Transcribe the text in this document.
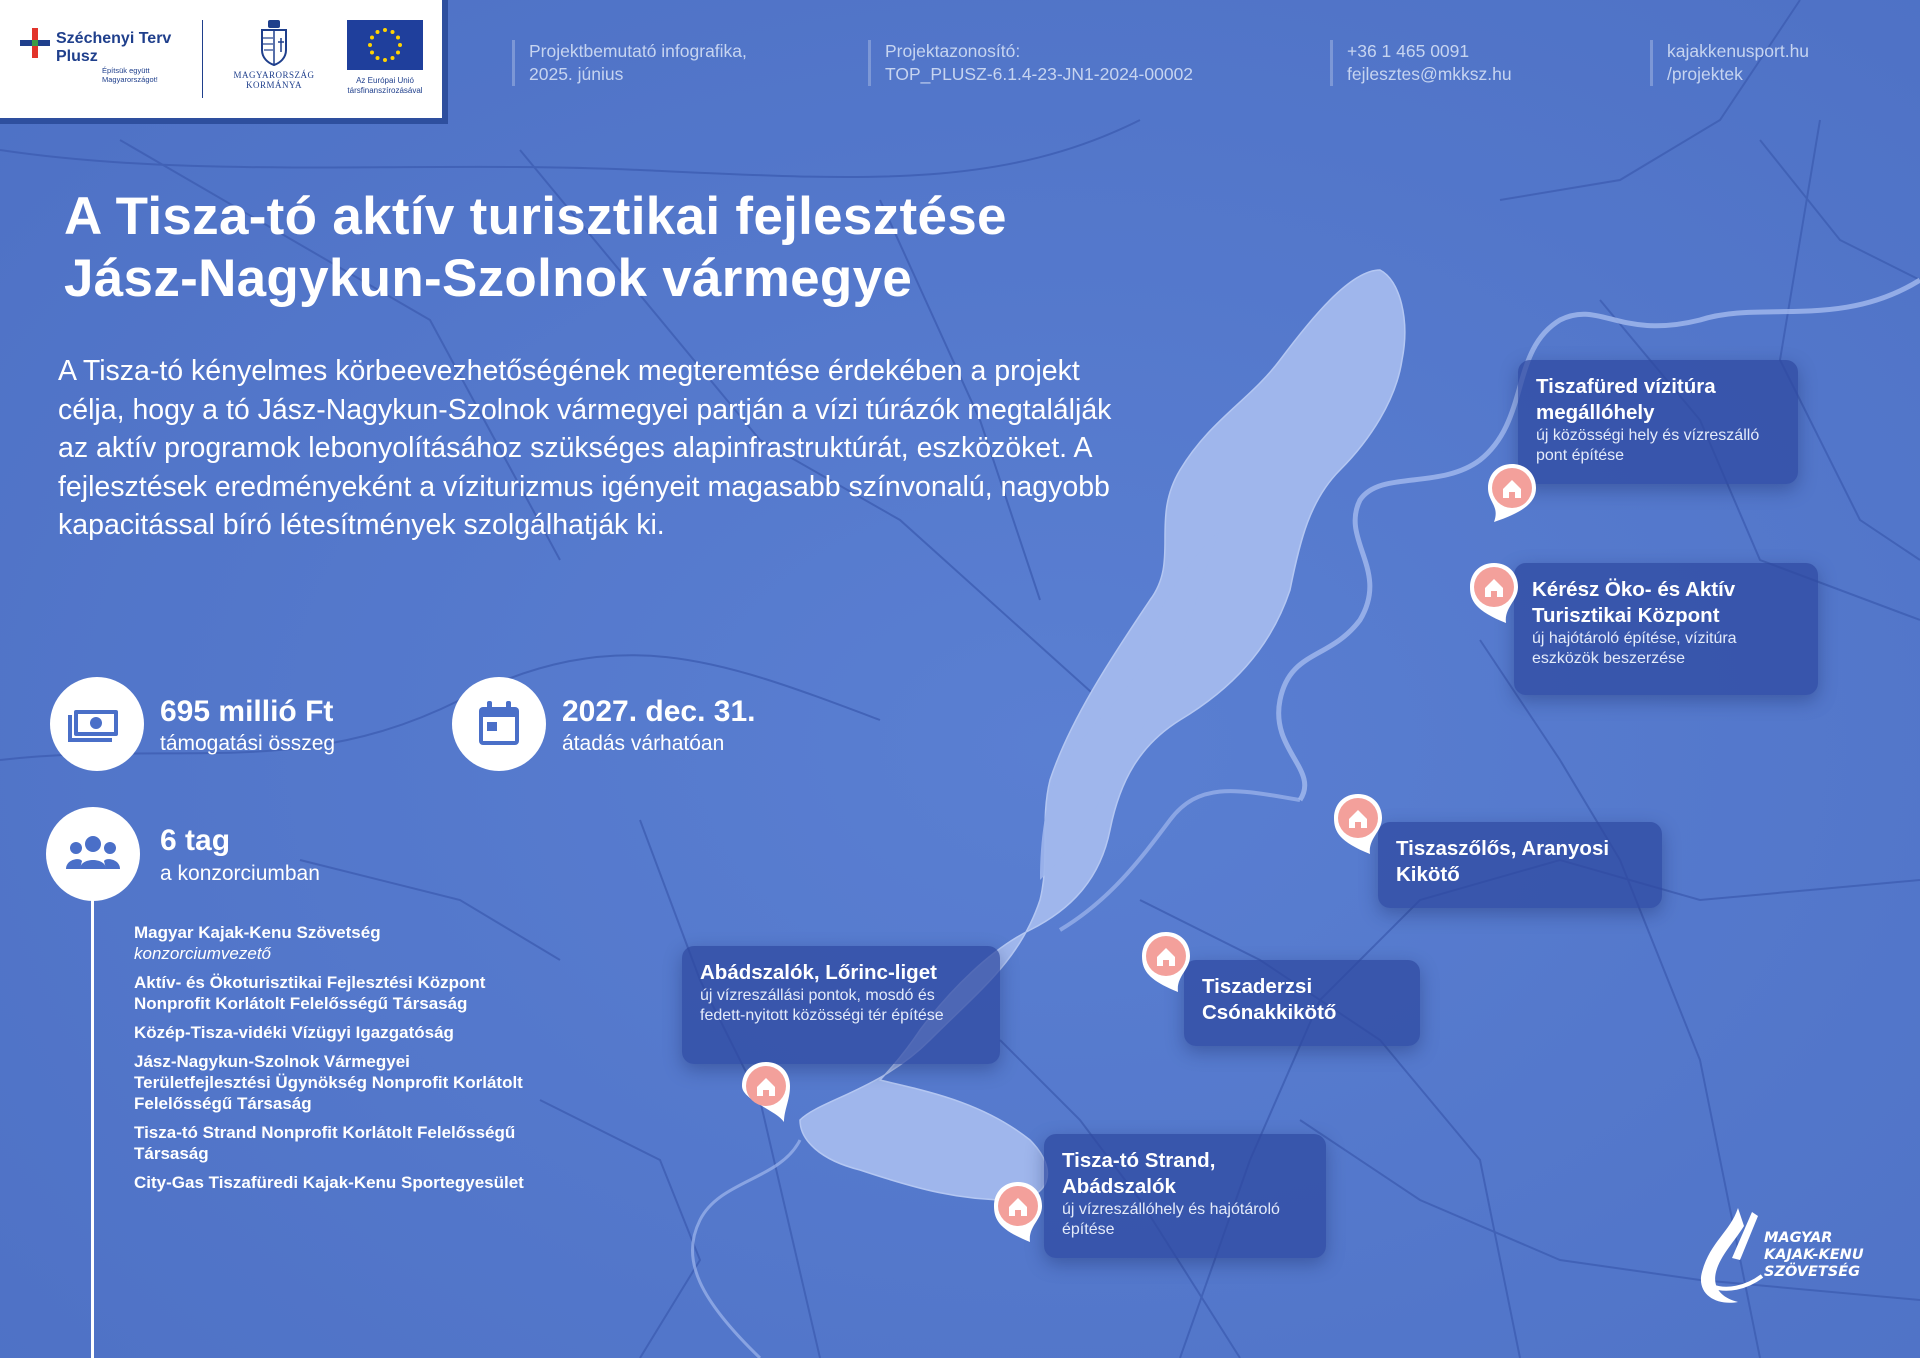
Széchenyi Terv
Plusz
Építsük együtt
Magyarországot!	MAGYARORSZÁG
KORMÁNYA	Az Európai Unió
társfinanszírozásával
Projektbemutató infografika,
2025. június
Projektazonosító:
TOP_PLUSZ-6.1.4-23-JN1-2024-00002
+36 1 465 0091
fejlesztes@mkksz.hu
kajakkenusport.hu
/projektek
A Tisza-tó aktív turisztikai fejlesztése
Jász-Nagykun-Szolnok vármegye

A Tisza-tó kényelmes körbeevezhetőségének megteremtése érdekében a projekt célja, hogy a tó Jász-Nagykun-Szolnok vármegyei partján a vízi túrázók megtalálják az aktív programok lebonyolításához szükséges alapinfrastruktúrát, eszközöket. A fejlesztések eredményeként a víziturizmus igényeit magasabb színvonalú, nagyobb kapacitással bíró létesítmények szolgálhatják ki.

695 millió Ft
támogatási összeg
2027. dec. 31.
átadás várhatóan
6 tag
a konzorciumban
Magyar Kajak-Kenu Szövetség
konzorciumvezető
Aktív- és Ökoturisztikai Fejlesztési Központ Nonprofit Korlátolt Felelősségű Társaság
Közép-Tisza-vidéki Vízügyi Igazgatóság
Jász-Nagykun-Szolnok Vármegyei Területfejlesztési Ügynökség Nonprofit Korlátolt Felelősségű Társaság
Tisza-tó Strand Nonprofit Korlátolt Felelősségű Társaság
City-Gas Tiszafüredi Kajak-Kenu Sportegyesület
Tiszafüred vízitúra megállóhely
új közösségi hely és vízreszálló pont építése
Kérész Öko- és Aktív Turisztikai Központ
új hajótároló építése, vízitúra eszközök beszerzése
Tiszaszőlős, Aranyosi Kikötő
Tiszaderzsi Csónakkikötő
Abádszalók, Lőrinc-liget
új vízreszállási pontok, mosdó és fedett-nyitott közösségi tér építése
Tisza-tó Strand, Abádszalók
új vízreszállóhely és hajótároló építése	MAGYAR
KAJAK-KENU
SZÖVETSÉG
